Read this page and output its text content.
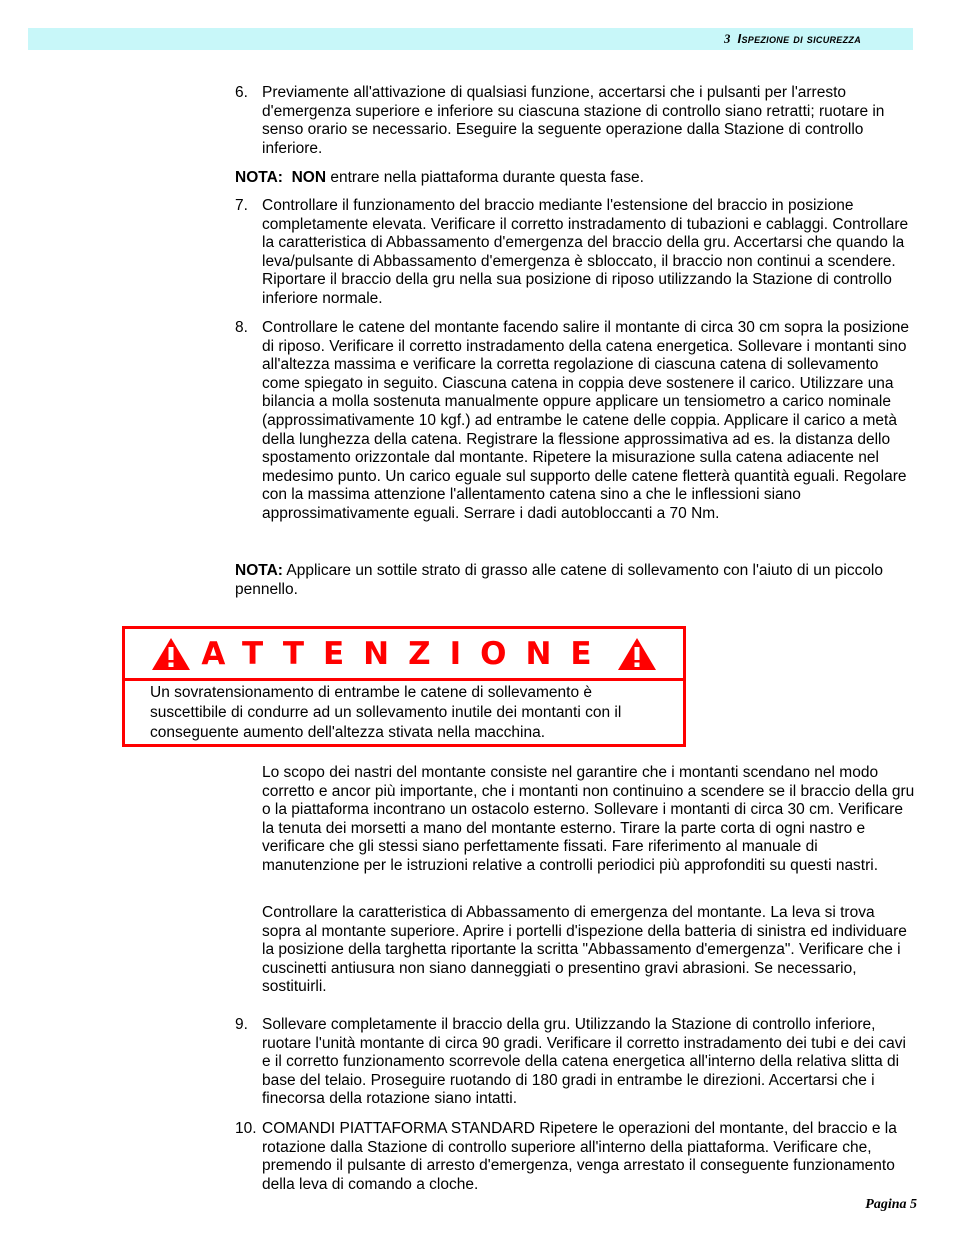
3 Ispezione di sicurezza
6. Previamente all'attivazione di qualsiasi funzione, accertarsi che i pulsanti per l'arresto d'emergenza superiore e inferiore su ciascuna stazione di controllo siano retratti; ruotare in senso orario se necessario. Eseguire la seguente operazione dalla Stazione di controllo inferiore.
NOTA: NON entrare nella piattaforma durante questa fase.
7. Controllare il funzionamento del braccio mediante l'estensione del braccio in posizione completamente elevata. Verificare il corretto instradamento di tubazioni e cablaggi. Controllare la caratteristica di Abbassamento d'emergenza del braccio della gru. Accertarsi che quando la leva/pulsante di Abbassamento d'emergenza è sbloccato, il braccio non continui a scendere. Riportare il braccio della gru nella sua posizione di riposo utilizzando la Stazione di controllo inferiore normale.
8. Controllare le catene del montante facendo salire il montante di circa 30 cm sopra la posizione di riposo. Verificare il corretto instradamento della catena energetica. Sollevare i montanti sino all'altezza massima e verificare la corretta regolazione di ciascuna catena di sollevamento come spiegato in seguito. Ciascuna catena in coppia deve sostenere il carico. Utilizzare una bilancia a molla sostenuta manualmente oppure applicare un tensiometro a carico nominale (approssimativamente 10 kgf.) ad entrambe le catene delle coppia. Applicare il carico a metà della lunghezza della catena. Registrare la flessione approssimativa ad es. la distanza dello spostamento orizzontale dal montante. Ripetere la misurazione sulla catena adiacente nel medesimo punto. Un carico eguale sul supporto delle catene fletterà quantità eguali. Regolare con la massima attenzione l'allentamento catena sino a che le inflessioni siano approssimativamente eguali. Serrare i dadi autobloccanti a 70 Nm.
NOTA: Applicare un sottile strato di grasso alle catene di sollevamento con l'aiuto di un piccolo pennello.
ATTENZIONE
Un sovratensionamento di entrambe le catene di sollevamento è suscettibile di condurre ad un sollevamento inutile dei montanti con il conseguente aumento dell'altezza stivata nella macchina.
Lo scopo dei nastri del montante consiste nel garantire che i montanti scendano nel modo corretto e ancor più importante, che i montanti non continuino a scendere se il braccio della gru o la piattaforma incontrano un ostacolo esterno. Sollevare i montanti di circa 30 cm. Verificare la tenuta dei morsetti a mano del montante esterno. Tirare la parte corta di ogni nastro e verificare che gli stessi siano perfettamente fissati. Fare riferimento al manuale di manutenzione per le istruzioni relative a controlli periodici più approfonditi su questi nastri.
Controllare la caratteristica di Abbassamento di emergenza del montante. La leva si trova sopra al montante superiore. Aprire i portelli d'ispezione della batteria di sinistra ed individuare la posizione della targhetta riportante la scritta "Abbassamento d'emergenza". Verificare che i cuscinetti antiusura non siano danneggiati o presentino gravi abrasioni. Se necessario, sostituirli.
9. Sollevare completamente il braccio della gru. Utilizzando la Stazione di controllo inferiore, ruotare l'unità montante di circa 90 gradi. Verificare il corretto instradamento dei tubi e dei cavi e il corretto funzionamento scorrevole della catena energetica all'interno della relativa slitta di base del telaio. Proseguire ruotando di 180 gradi in entrambe le direzioni. Accertarsi che i finecorsa della rotazione siano intatti.
10. COMANDI PIATTAFORMA STANDARD Ripetere le operazioni del montante, del braccio e la rotazione dalla Stazione di controllo superiore all'interno della piattaforma. Verificare che, premendo il pulsante di arresto d'emergenza, venga arrestato il conseguente funzionamento della leva di comando a cloche.
Pagina 5
